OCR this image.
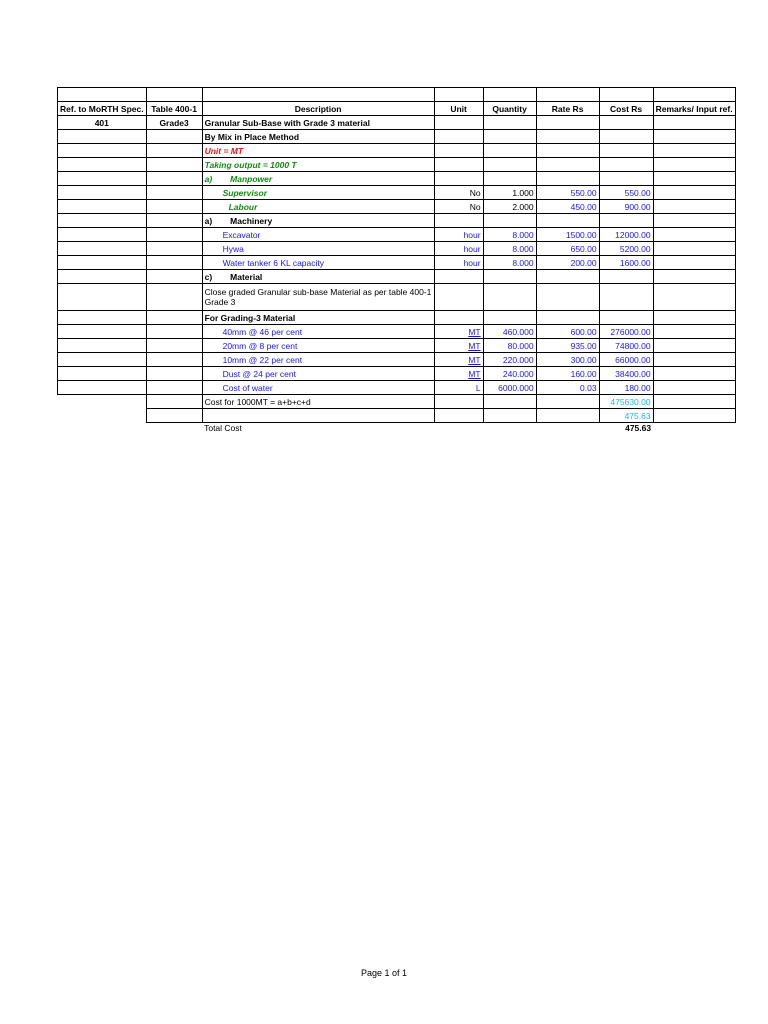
Ref. to MoRTH Spec.	Table 400-1	Description	Unit	Quantity	Rate Rs	Cost Rs	Remarks/ Input ref.
401	Grade3	Granular Sub-Base with Grade 3 material					
		By Mix in Place Method					
		Unit = MT					
		Taking output = 1000 T					
		a) Manpower					
		Supervisor	No	1.000	550.00	550.00	
		Labour	No	2.000	450.00	900.00	
		a) Machinery					
		Excavator	hour	8.000	1500.00	12000.00	
		Hywa	hour	8.000	650.00	5200.00	
		Water tanker 6 KL capacity	hour	8.000	200.00	1600.00	
		c) Material					
		Close graded Granular sub-base Material as per table 400-1 Grade 3					
		For Grading-3 Material					
		40mm @ 46 per cent	MT	460.000	600.00	276000.00	
		20mm @ 8 per cent	MT	80.000	935.00	74800.00	
		10mm @ 22 per cent	MT	220.000	300.00	66000.00	
		Dust @ 24 per cent	MT	240.000	160.00	38400.00	
		Cost of water	L	6000.000	0.03	180.00	
		Cost for 1000MT = a+b+c+d				475630.00	
						475.63	
		Total Cost				475.63	
Page 1 of 1
